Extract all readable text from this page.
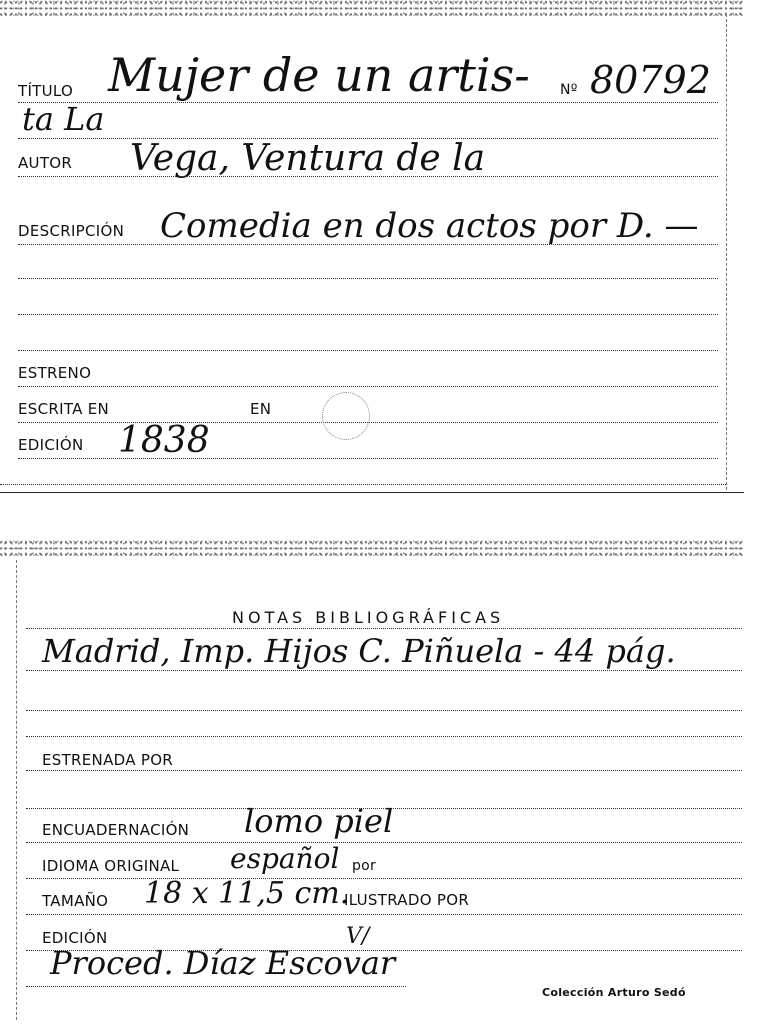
TÍTULO Mujer de un artis- Nº 80792
ta La
AUTOR Vega, Ventura de la
DESCRIPCIÓN Comedia en dos actos por D. —
ESTRENO
ESCRITA EN	EN
EDICIÓN 1838
NOTAS BIBLIOGRÁFICAS
Madrid, Imp. Hijos C. Piñuela - 44 pág.
ESTRENADA POR
ENCUADERNACIÓN lomo piel
IDIOMA ORIGINAL español por
TAMAÑO 18 x 11,5 cm.
ILUSTRADO POR
EDICIÓN	V/
Proced. Díaz Escovar
Colección Arturo Sedó
